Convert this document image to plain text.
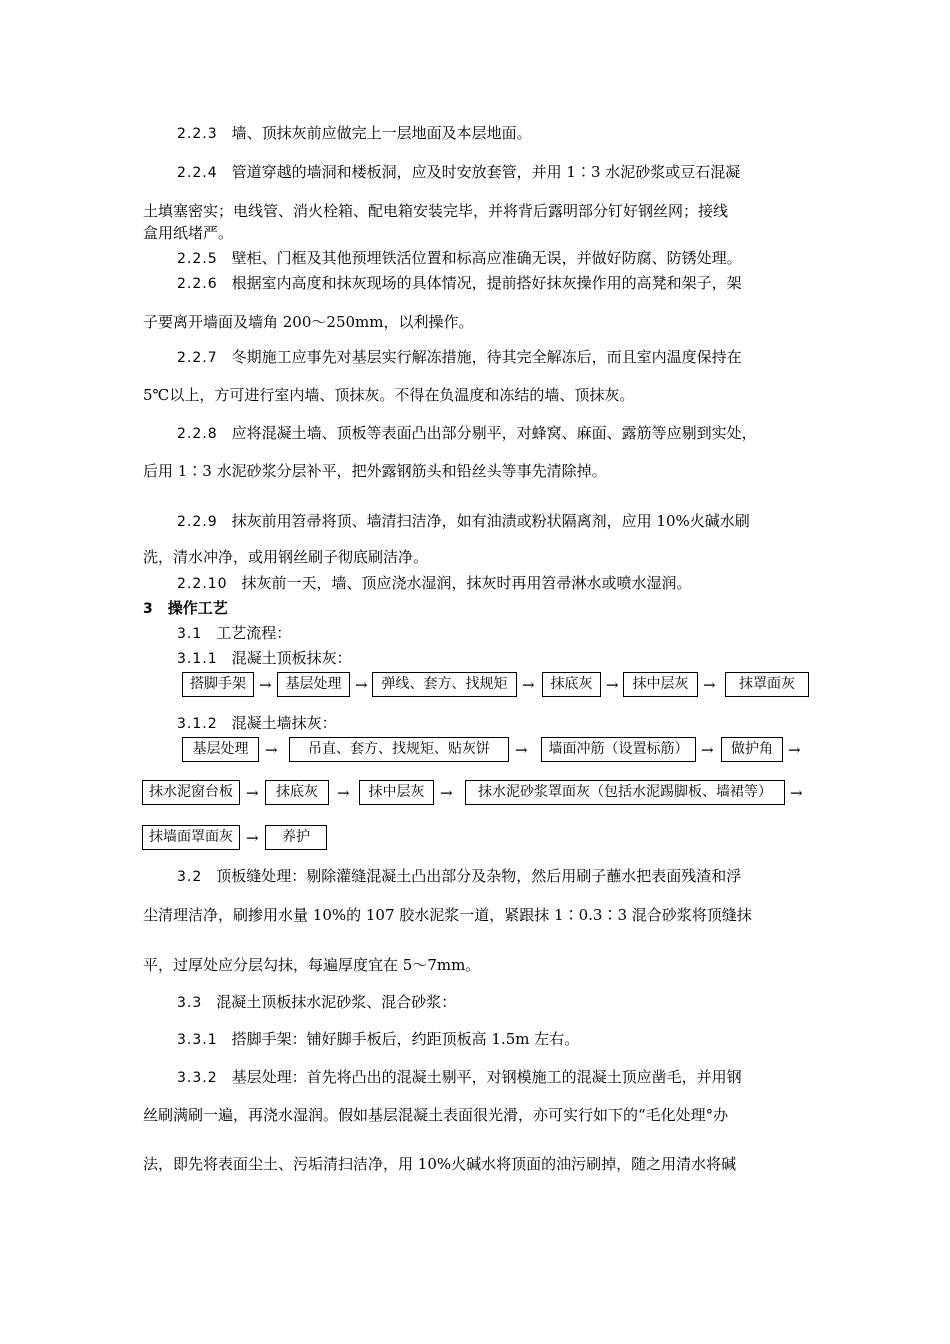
2.2.3 墙、顶抹灰前应做完上一层地面及本层地面。
2.2.4 管道穿越的墙洞和楼板洞，应及时安放套管，并用 1∶3 水泥砂浆或豆石混凝
土填塞密实；电线管、消火栓箱、配电箱安装完毕，并将背后露明部分钉好钢丝网；接线
盒用纸堵严。
2.2.5 壁柜、门框及其他预埋铁活位置和标高应准确无误，并做好防腐、防锈处理。
2.2.6 根据室内高度和抹灰现场的具体情况，提前搭好抹灰操作用的高凳和架子，架
子要离开墙面及墙角 200～250mm，以利操作。
2.2.7 冬期施工应事先对基层实行解冻措施，待其完全解冻后，而且室内温度保持在
5℃以上，方可进行室内墙、顶抹灰。不得在负温度和冻结的墙、顶抹灰。
2.2.8 应将混凝土墙、顶板等表面凸出部分剔平，对蜂窝、麻面、露筋等应剔到实处，
后用 1∶3 水泥砂浆分层补平，把外露钢筋头和铅丝头等事先清除掉。
2.2.9 抹灰前用笤帚将顶、墙清扫洁净，如有油渍或粉状隔离剂，应用 10%火碱水刷
洗，清水冲净，或用钢丝刷子彻底刷洁净。
2.2.10 抹灰前一天，墙、顶应浇水湿润，抹灰时再用笤帚淋水或喷水湿润。
3 操作工艺
3.1 工艺流程：
3.1.1 混凝土顶板抹灰：
搭脚手架 → 基层处理 → 弹线、套方、找规矩 →	抹底灰 → 抹中层灰 →	抹罩面灰
3.1.2 混凝土墙抹灰：
基层处理	→	吊直、套方、找规矩、贴灰饼	→	墙面冲筋（设置标筋） →	做护角	→
抹水泥窗台板 →	抹底灰	→	抹中层灰	→	抹水泥砂浆罩面灰（包括水泥踢脚板、墙裙等）	→
抹墙面罩面灰 →	养护
3.2 顶板缝处理：剔除灌缝混凝土凸出部分及杂物，然后用刷子蘸水把表面残渣和浮
尘清理洁净，刷掺用水量 10%的 107 胶水泥浆一道，紧跟抹 1∶0.3∶3 混合砂浆将顶缝抹
平，过厚处应分层勾抹，每遍厚度宜在 5～7mm。
3.3 混凝土顶板抹水泥砂浆、混合砂浆：
3.3.1 搭脚手架：铺好脚手板后，约距顶板高 1.5m 左右。
3.3.2 基层处理：首先将凸出的混凝土剔平，对钢模施工的混凝土顶应凿毛，并用钢
丝刷满刷一遍，再浇水湿润。假如基层混凝土表面很光滑，亦可实行如下的“毛化处理°办
法，即先将表面尘土、污垢清扫洁净，用 10%火碱水将顶面的油污刷掉，随之用清水将碱
